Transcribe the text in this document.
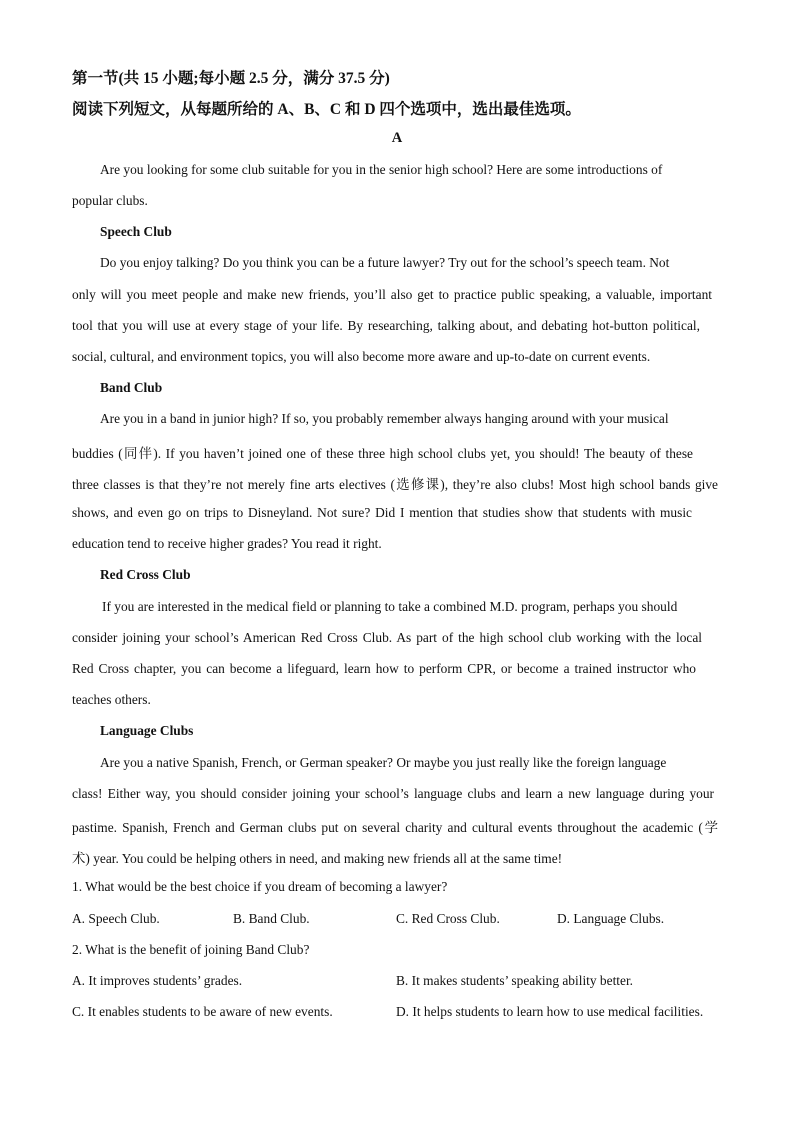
第一节(共 15 小题;每小题 2.5 分，满分 37.5 分)
阅读下列短文，从每题所给的 A、B、C 和 D 四个选项中，选出最佳选项。
A
Are you looking for some club suitable for you in the senior high school? Here are some introductions of
popular clubs.
Speech Club
Do you enjoy talking? Do you think you can be a future lawyer? Try out for the school’s speech team. Not
only will you meet people and make new friends, you’ll also get to practice public speaking, a valuable, important
tool that you will use at every stage of your life. By researching, talking about, and debating hot-button political,
social, cultural, and environment topics, you will also become more aware and up-to-date on current events.
Band Club
Are you in a band in junior high? If so, you probably remember always hanging around with your musical
buddies (同伴). If you haven’t joined one of these three high school clubs yet, you should! The beauty of these
three classes is that they’re not merely fine arts electives (选修课), they’re also clubs! Most high school bands give
shows, and even go on trips to Disneyland. Not sure? Did I mention that studies show that students with music
education tend to receive higher grades? You read it right.
Red Cross Club
If you are interested in the medical field or planning to take a combined M.D. program, perhaps you should
consider joining your school’s American Red Cross Club. As part of the high school club working with the local
Red Cross chapter, you can become a lifeguard, learn how to perform CPR, or become a trained instructor who
teaches others.
Language Clubs
Are you a native Spanish, French, or German speaker? Or maybe you just really like the foreign language
class! Either way, you should consider joining your school’s language clubs and learn a new language during your
pastime. Spanish, French and German clubs put on several charity and cultural events throughout the academic (学
术) year. You could be helping others in need, and making new friends all at the same time!
1. What would be the best choice if you dream of becoming a lawyer?
A. Speech Club.	B. Band Club.	C. Red Cross Club.	D. Language Clubs.
2. What is the benefit of joining Band Club?
A. It improves students’ grades.	B. It makes students’ speaking ability better.
C. It enables students to be aware of new events.	D. It helps students to learn how to use medical facilities.
